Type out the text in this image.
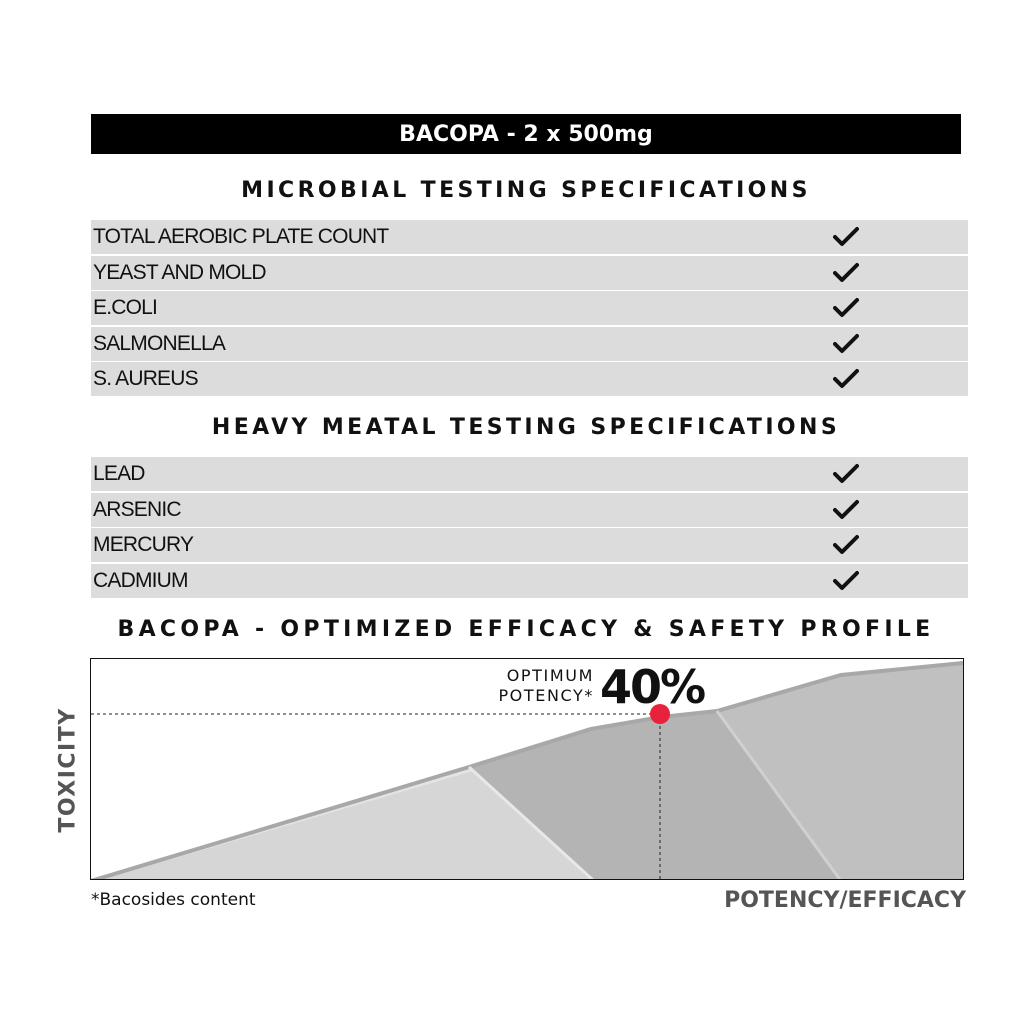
BACOPA - 2 x 500mg
MICROBIAL TESTING SPECIFICATIONS
TOTAL AEROBIC PLATE COUNT
YEAST AND MOLD
E.COLI
SALMONELLA
S. AUREUS
HEAVY MEATAL TESTING SPECIFICATIONS
LEAD
ARSENIC
MERCURY
CADMIUM
BACOPA - OPTIMIZED EFFICACY & SAFETY PROFILE
OPTIMUM
POTENCY* 40%
TOXICITY
POTENCY/EFFICACY
*Bacosides content
